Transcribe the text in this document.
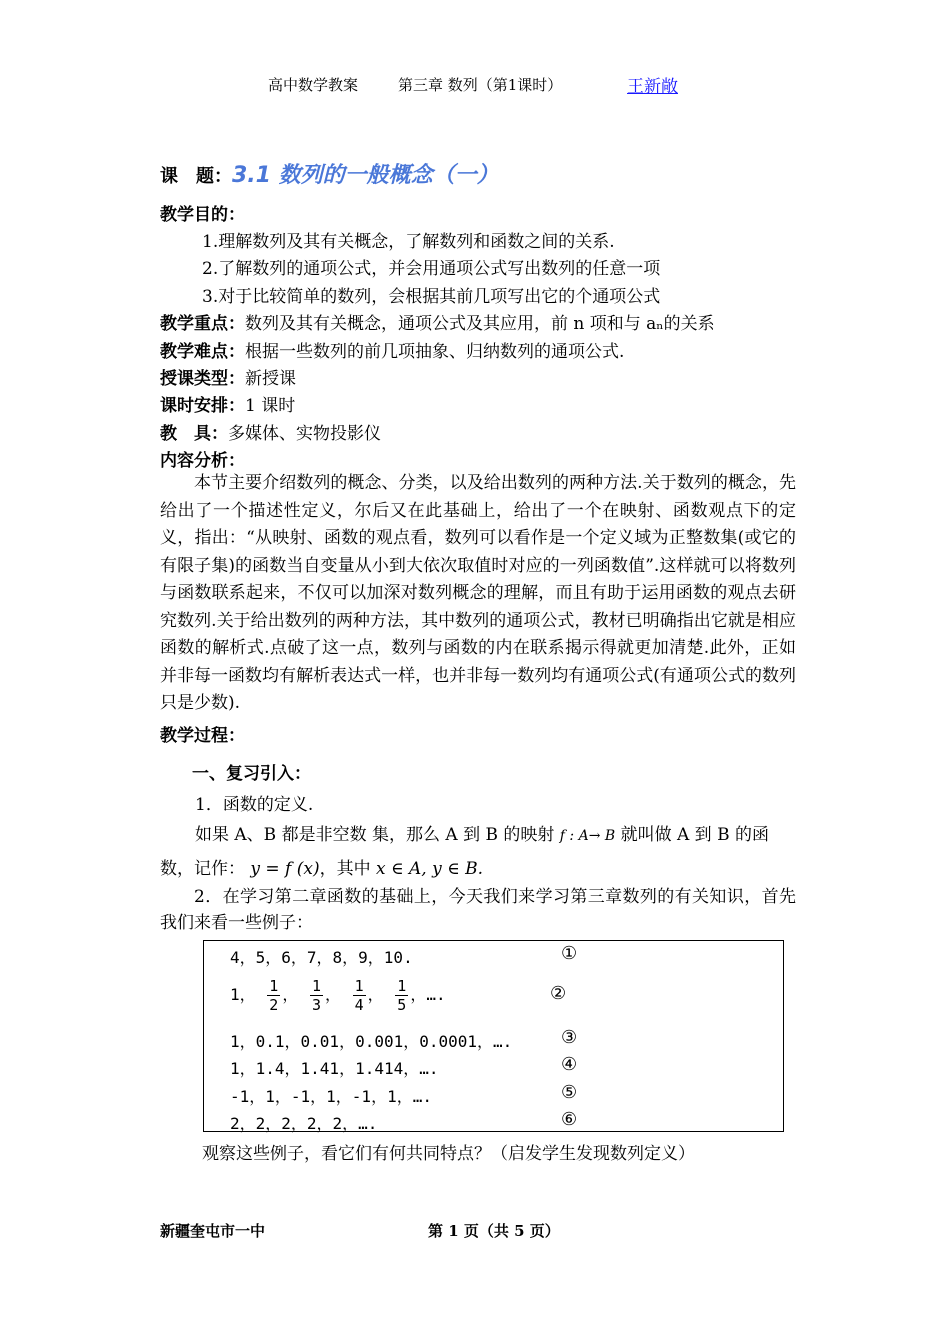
高中数学教案	第三章 数列（第1课时）	王新敞
课　题：3.1 数列的一般概念（一）
教学目的：
1.理解数列及其有关概念，了解数列和函数之间的关系.
2.了解数列的通项公式，并会用通项公式写出数列的任意一项
3.对于比较简单的数列，会根据其前几项写出它的个通项公式
教学重点：数列及其有关概念，通项公式及其应用，前 n 项和与 aₙ的关系
教学难点：根据一些数列的前几项抽象、归纳数列的通项公式.
授课类型：新授课
课时安排：1 课时
教　具：多媒体、实物投影仪
内容分析：
本节主要介绍数列的概念、分类，以及给出数列的两种方法.关于数列的概念，先给出了一个描述性定义，尔后又在此基础上，给出了一个在映射、函数观点下的定义，指出：“从映射、函数的观点看，数列可以看作是一个定义域为正整数集(或它的有限子集)的函数当自变量从小到大依次取值时对应的一列函数值”.这样就可以将数列与函数联系起来，不仅可以加深对数列概念的理解，而且有助于运用函数的观点去研究数列.关于给出数列的两种方法，其中数列的通项公式，教材已明确指出它就是相应函数的解析式.点破了这一点，数列与函数的内在联系揭示得就更加清楚.此外，正如并非每一函数均有解析表达式一样，也并非每一数列均有通项公式(有通项公式的数列只是少数).
教学过程：
一、复习引入：
1．函数的定义.
如果 A、B 都是非空数 集，那么 A 到 B 的映射 f : A→ B 就叫做 A 到 B 的函
数，记作： y = f (x)，其中 x ∈ A, y ∈ B.
2．在学习第二章函数的基础上，今天我们来学习第三章数列的有关知识，首先我们来看一些例子：
4，5，6，7，8，9，10.	①
1， $\frac{1}{2}$ ， $\frac{1}{3}$ ， $\frac{1}{4}$ ， $\frac{1}{5}$ ，….	②
1，0.1，0.01，0.001，0.0001，….	③
1，1.4，1.41，1.414，….	④
-1，1，-1，1，-1，1，….	⑤
2，2，2，2，2，….	⑥
观察这些例子，看它们有何共同特点？（启发学生发现数列定义）
新疆奎屯市一中	第 1 页（共 5 页）
